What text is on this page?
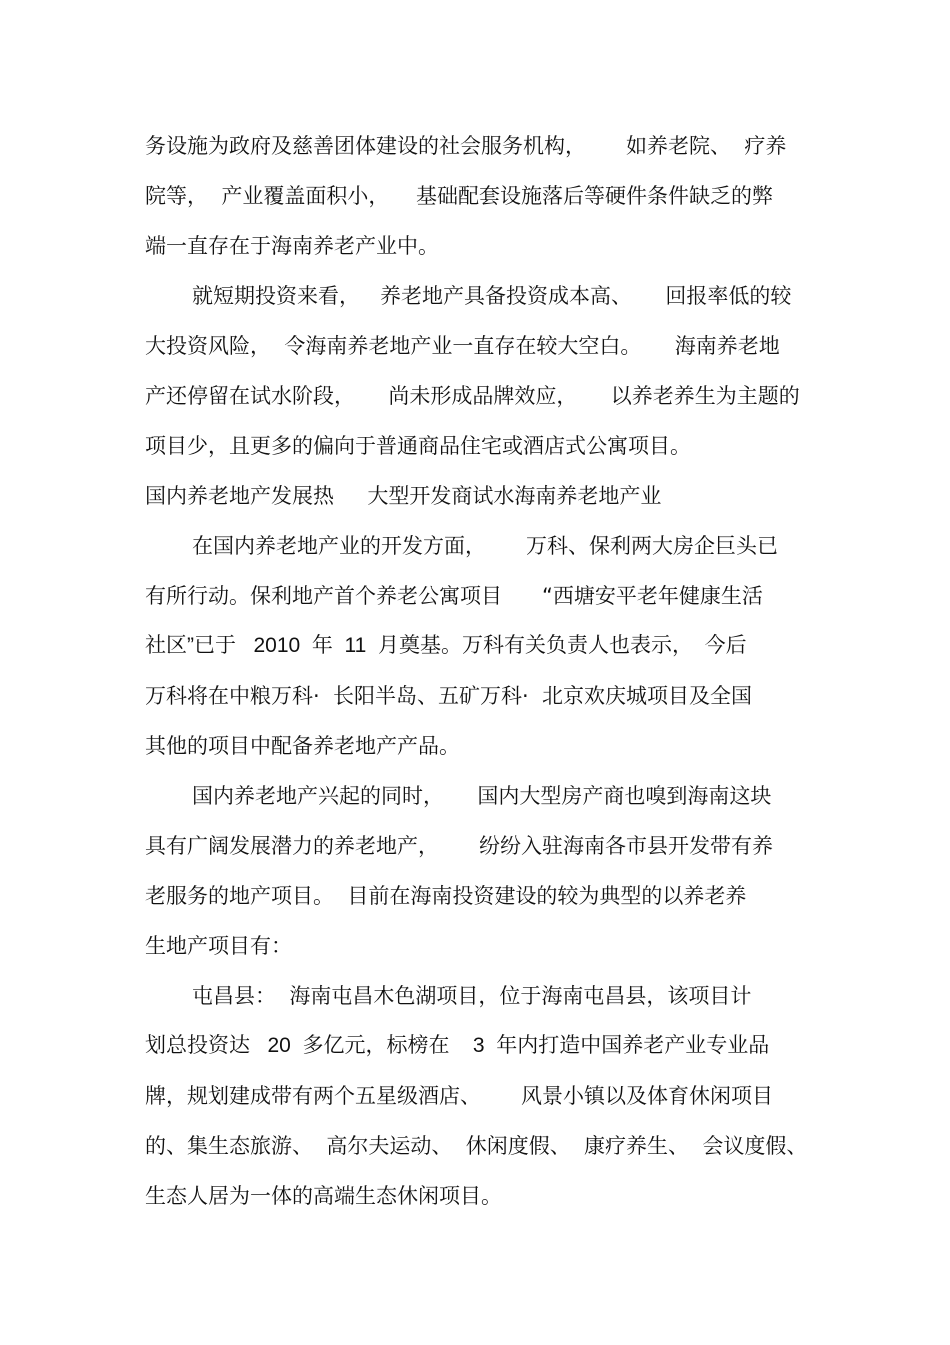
务设施为政府及慈善团体建设的社会服务机构，      如养老院、  疗养
院等，  产业覆盖面积小，    基础配套设施落后等硬件条件缺乏的弊
端一直存在于海南养老产业中。
就短期投资来看，   养老地产具备投资成本高、     回报率低的较
大投资风险，  令海南养老地产业一直存在较大空白。     海南养老地
产还停留在试水阶段，     尚未形成品牌效应，     以养老养生为主题的
项目少，且更多的偏向于普通商品住宅或酒店式公寓项目。
国内养老地产发展热     大型开发商试水海南养老地产业
在国内养老地产业的开发方面，      万科、保利两大房企巨头已
有所行动。保利地产首个养老公寓项目      “西塘安平老年健康生活
社区”已于   2010  年  11  月奠基。万科有关负责人也表示，  今后
万科将在中粮万科·  长阳半岛、五矿万科·  北京欢庆城项目及全国
其他的项目中配备养老地产产品。
国内养老地产兴起的同时，     国内大型房产商也嗅到海南这块
具有广阔发展潜力的养老地产，      纷纷入驻海南各市县开发带有养
老服务的地产项目。  目前在海南投资建设的较为典型的以养老养
生地产项目有：
屯昌县：  海南屯昌木色湖项目，位于海南屯昌县，该项目计
划总投资达   20  多亿元，标榜在    3  年内打造中国养老产业专业品
牌，规划建成带有两个五星级酒店、      风景小镇以及体育休闲项目
的、集生态旅游、  高尔夫运动、  休闲度假、  康疗养生、  会议度假、
生态人居为一体的高端生态休闲项目。
